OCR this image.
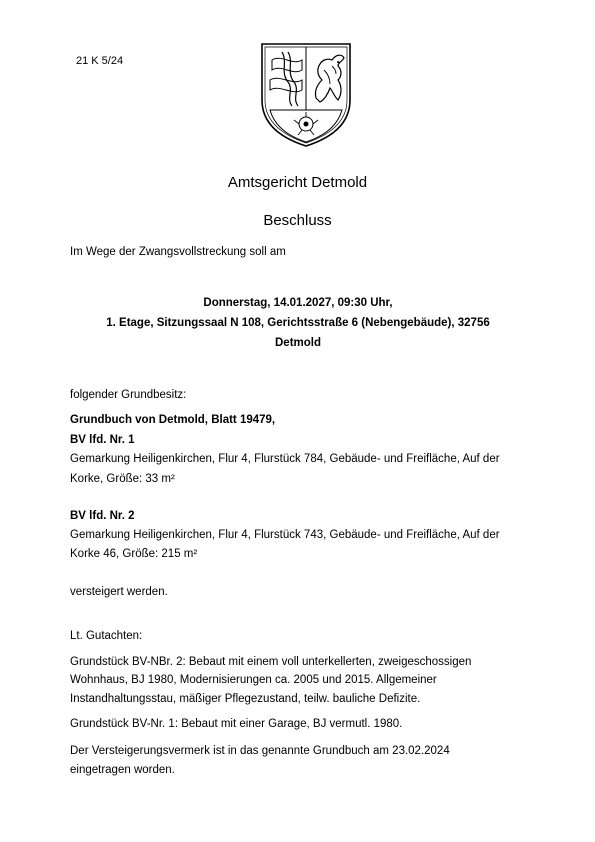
21 K 5/24
Amtsgericht Detmold
Beschluss
Im Wege der Zwangsvollstreckung soll am
Donnerstag, 14.01.2027, 09:30 Uhr,
1. Etage, Sitzungssaal N 108, Gerichtsstraße 6 (Nebengebäude), 32756
Detmold
folgender Grundbesitz:
Grundbuch von Detmold, Blatt 19479,
BV lfd. Nr. 1
Gemarkung Heiligenkirchen, Flur 4, Flurstück 784, Gebäude- und Freifläche, Auf der
Korke, Größe: 33 m²
BV lfd. Nr. 2
Gemarkung Heiligenkirchen, Flur 4, Flurstück 743, Gebäude- und Freifläche, Auf der
Korke 46, Größe: 215 m²
versteigert werden.
Lt. Gutachten:
Grundstück BV-NBr. 2: Bebaut mit einem voll unterkellerten, zweigeschossigen
Wohnhaus, BJ 1980, Modernisierungen ca. 2005 und 2015. Allgemeiner
Instandhaltungsstau, mäßiger Pflegezustand, teilw. bauliche Defizite.
Grundstück BV-Nr. 1: Bebaut mit einer Garage, BJ vermutl. 1980.
Der Versteigerungsvermerk ist in das genannte Grundbuch am 23.02.2024
eingetragen worden.
